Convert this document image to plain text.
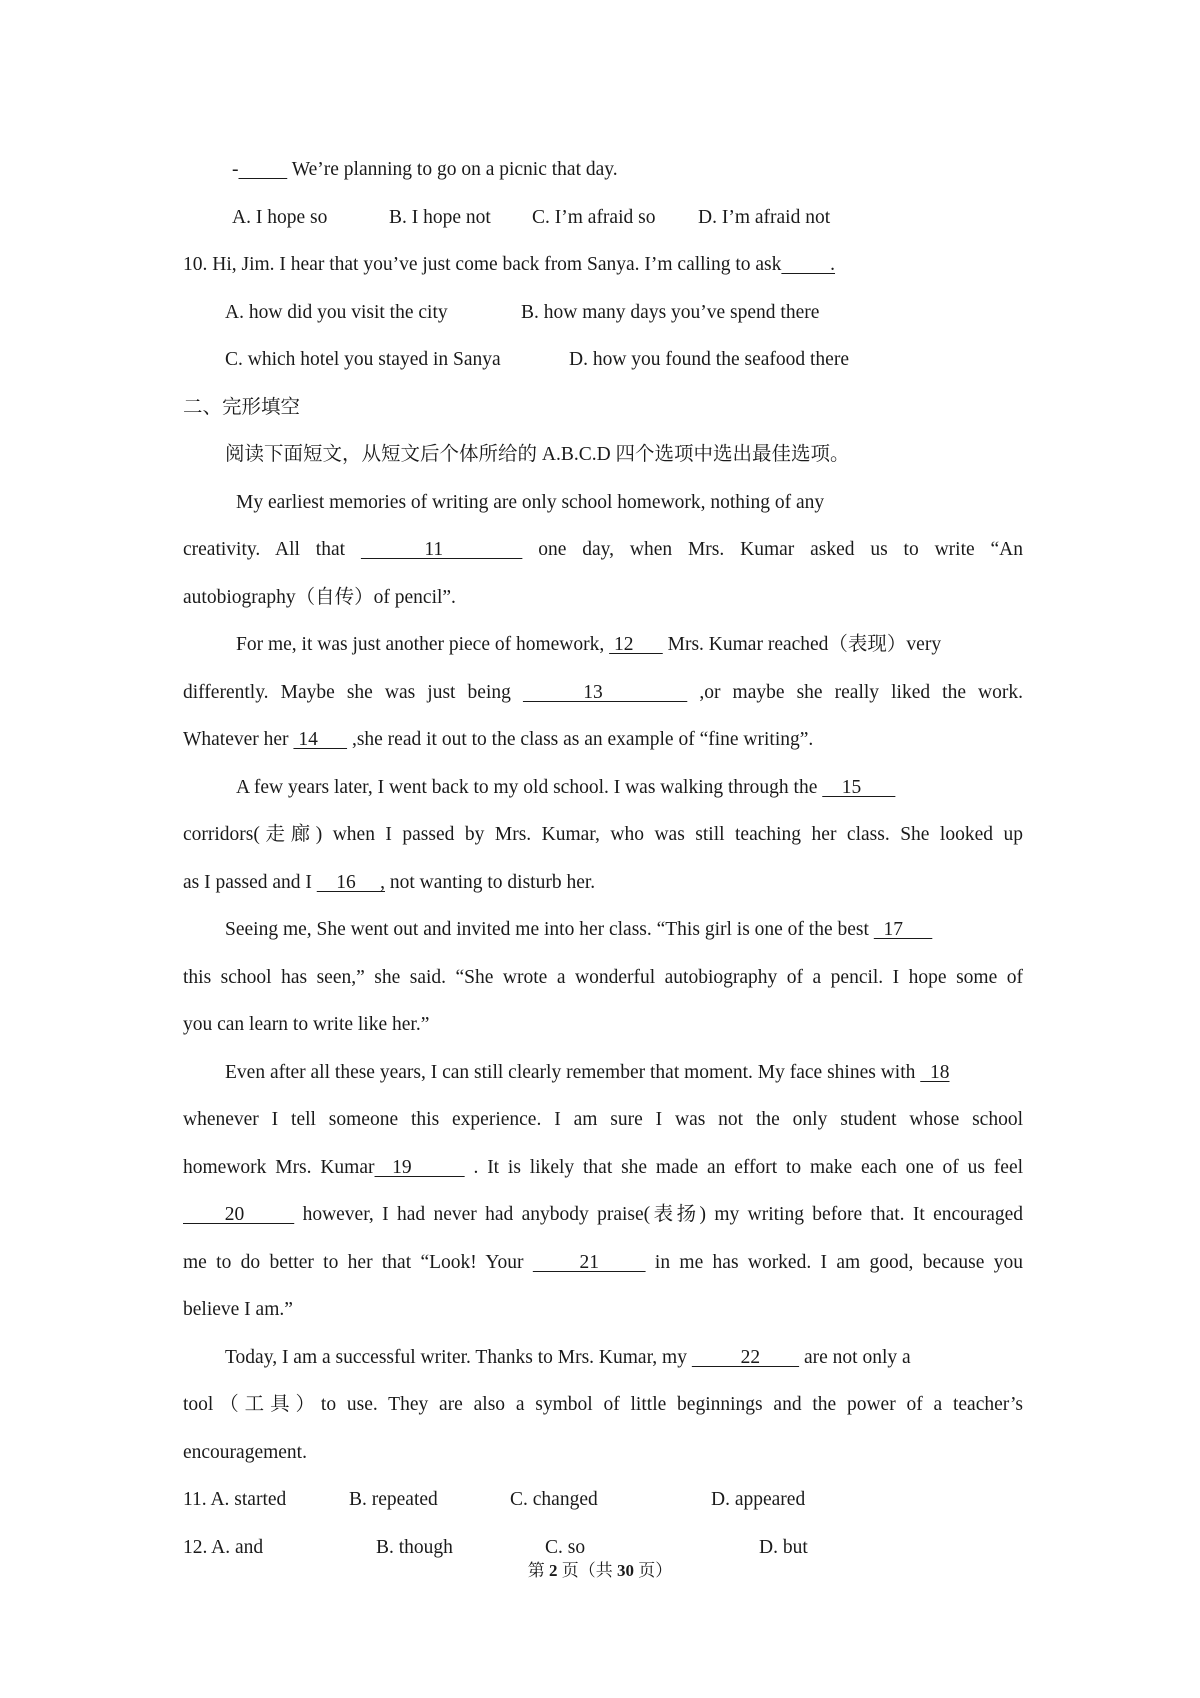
-	We’re planning to go on a picnic that day.
A. I hope so	B. I hope not C. I’m afraid so D. I’m afraid not
10. Hi, Jim. I hear that you’ve just come back from Sanya. I’m calling to ask          .
A. how did you visit the city	B. how many days you’ve spend there
C. which hotel you stayed in Sanya	D. how you found the seafood there
二、完形填空
阅读下面短文，从短文后个体所给的 A.B.C.D 四个选项中选出最佳选项。
My earliest memories of writing are only school homework, nothing of any
creativity. All that     11      one day, when Mrs. Kumar asked us to write “An
autobiography（自传）of pencil”.
For me, it was just another piece of homework,  12       Mrs. Kumar reached（表现）very
differently. Maybe she was just being      13        ,or maybe she really liked the work.
Whatever her  14       ,she read it out to the class as an example of “fine writing”.
A few years later, I went back to my old school. I was walking through the     15
corridors(走廊) when I passed by Mrs. Kumar, who was still teaching her class. She looked up
as I passed and I     16     , not wanting to disturb her.
Seeing me, She went out and invited me into her class. “This girl is one of the best   17
this school has seen,” she said. “She wrote a wonderful autobiography of a pencil. I hope some of
you can learn to write like her.”
Even after all these years, I can still clearly remember that moment. My face shines with   18
whenever I tell someone this experience. I am sure I was not the only student whose school
homework Mrs. Kumar  19       . It is likely that she made an effort to make each one of us feel
20       however, I had never had anybody praise(表扬) my writing before that. It encouraged
me to do better to her that “Look! Your      21      in me has worked. I am good, because you
believe I am.”
Today, I am a successful writer. Thanks to Mrs. Kumar, my           22         are not only a
tool（工具）to use. They are also a symbol of little beginnings and the power of a teacher’s
encouragement.
11. A. started	B. repeated	C. changed	D. appeared
12. A. and	B. though	C. so	D. but
第 2 页（共 30 页）
